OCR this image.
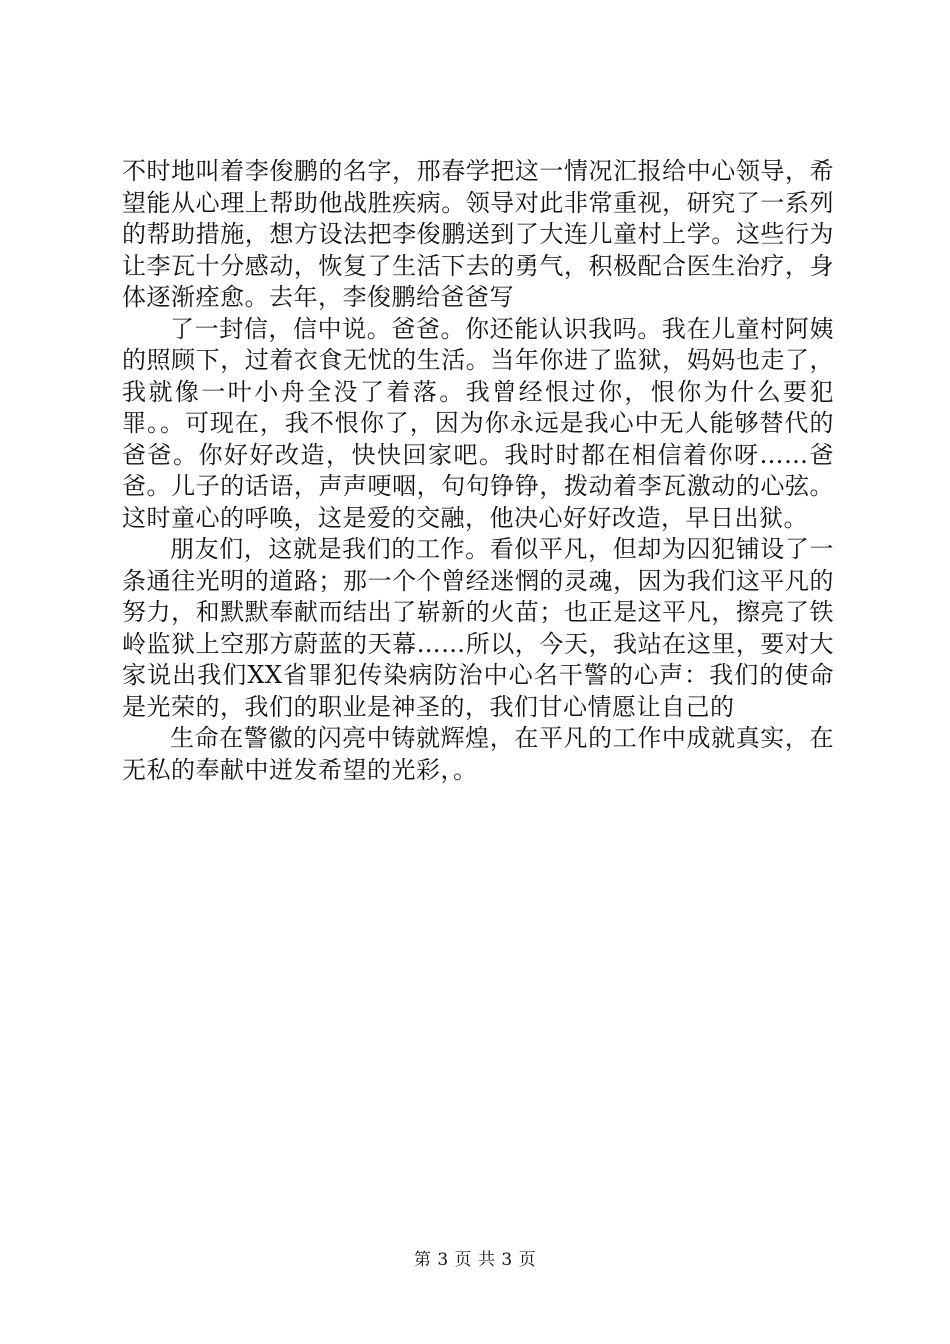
不时地叫着李俊鹏的名字，邢春学把这一情况汇报给中心领导，希望能从心理上帮助他战胜疾病。领导对此非常重视，研究了一系列的帮助措施，想方设法把李俊鹏送到了大连儿童村上学。这些行为让李瓦十分感动，恢复了生活下去的勇气，积极配合医生治疗，身体逐渐痊愈。去年，李俊鹏给爸爸写

了一封信，信中说。爸爸。你还能认识我吗。我在儿童村阿姨的照顾下，过着衣食无忧的生活。当年你进了监狱，妈妈也走了，我就像一叶小舟全没了着落。我曾经恨过你，恨你为什么要犯罪。。可现在，我不恨你了，因为你永远是我心中无人能够替代的爸爸。你好好改造，快快回家吧。我时时都在相信着你呀……爸爸。儿子的话语，声声哽咽，句句铮铮，拨动着李瓦激动的心弦。这时童心的呼唤，这是爱的交融，他决心好好改造，早日出狱。

朋友们，这就是我们的工作。看似平凡，但却为囚犯铺设了一条通往光明的道路；那一个个曾经迷惘的灵魂，因为我们这平凡的努力，和默默奉献而结出了崭新的火苗；也正是这平凡，擦亮了铁岭监狱上空那方蔚蓝的天幕……所以，今天，我站在这里，要对大家说出我们XX省罪犯传染病防治中心名干警的心声：我们的使命是光荣的，我们的职业是神圣的，我们甘心情愿让自己的

生命在警徽的闪亮中铸就辉煌，在平凡的工作中成就真实，在无私的奉献中迸发希望的光彩，。

第 3 页 共 3 页
